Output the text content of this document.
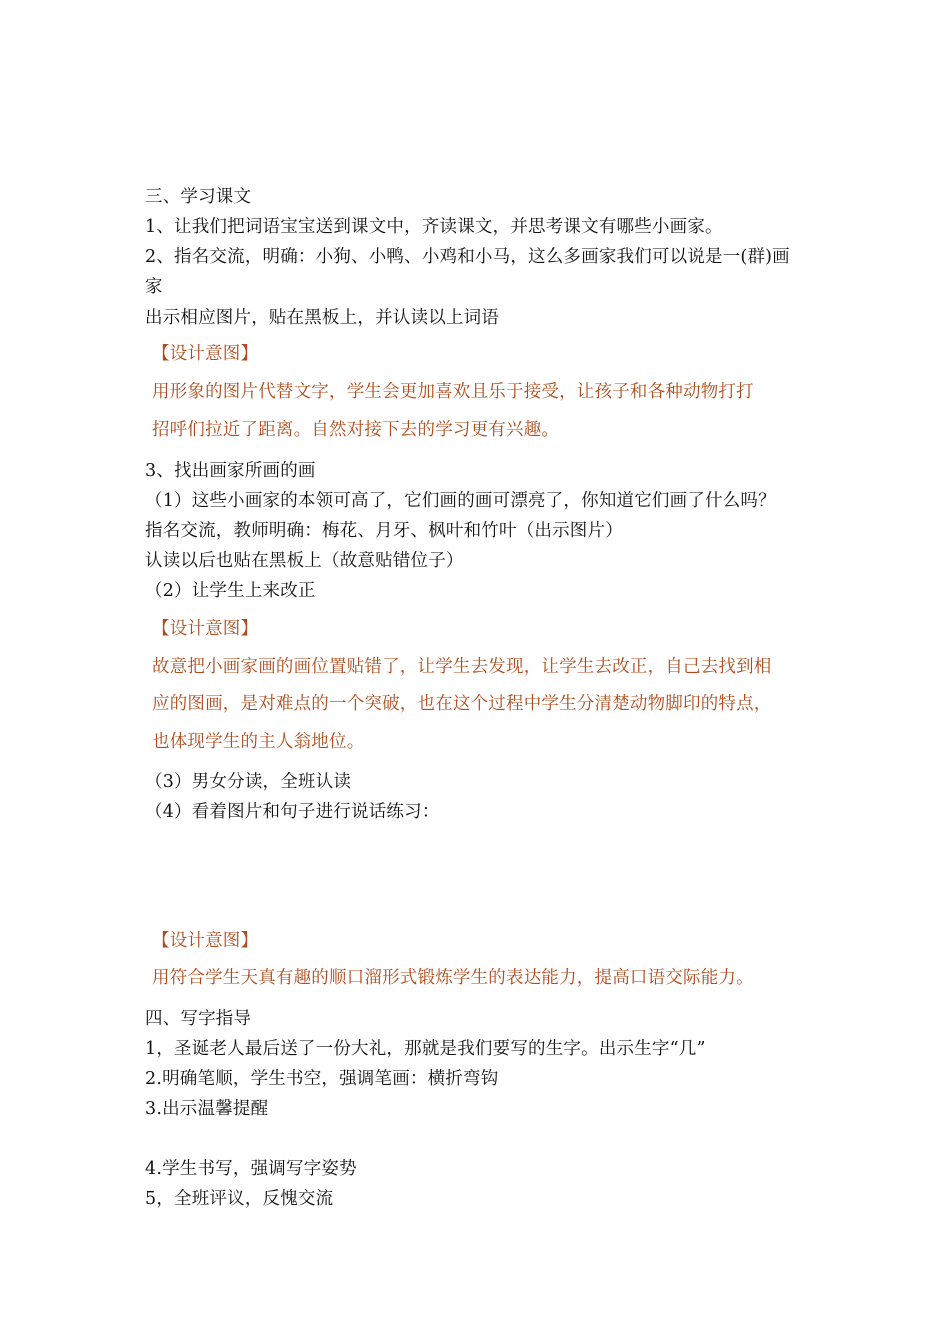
三、学习课文
1、让我们把词语宝宝送到课文中，齐读课文，并思考课文有哪些小画家。
2、指名交流，明确：小狗、小鸭、小鸡和小马，这么多画家我们可以说是一(群)画
家
出示相应图片，贴在黑板上，并认读以上词语
【设计意图】
用形象的图片代替文字，学生会更加喜欢且乐于接受，让孩子和各种动物打打
招呼们拉近了距离。自然对接下去的学习更有兴趣。
3、找出画家所画的画
（1）这些小画家的本领可高了，它们画的画可漂亮了，你知道它们画了什么吗？
指名交流，教师明确：梅花、月牙、枫叶和竹叶（出示图片）
认读以后也贴在黑板上（故意贴错位子）
（2）让学生上来改正
【设计意图】
故意把小画家画的画位置贴错了，让学生去发现，让学生去改正，自己去找到相
应的图画，是对难点的一个突破，也在这个过程中学生分清楚动物脚印的特点，
也体现学生的主人翁地位。
（3）男女分读，全班认读
（4）看着图片和句子进行说话练习：
【设计意图】
用符合学生天真有趣的顺口溜形式锻炼学生的表达能力，提高口语交际能力。
四、写字指导
1，圣诞老人最后送了一份大礼，那就是我们要写的生字。出示生字“几”
2.明确笔顺，学生书空，强调笔画：横折弯钩
3.出示温馨提醒
4.学生书写，强调写字姿势
5，全班评议，反愧交流
